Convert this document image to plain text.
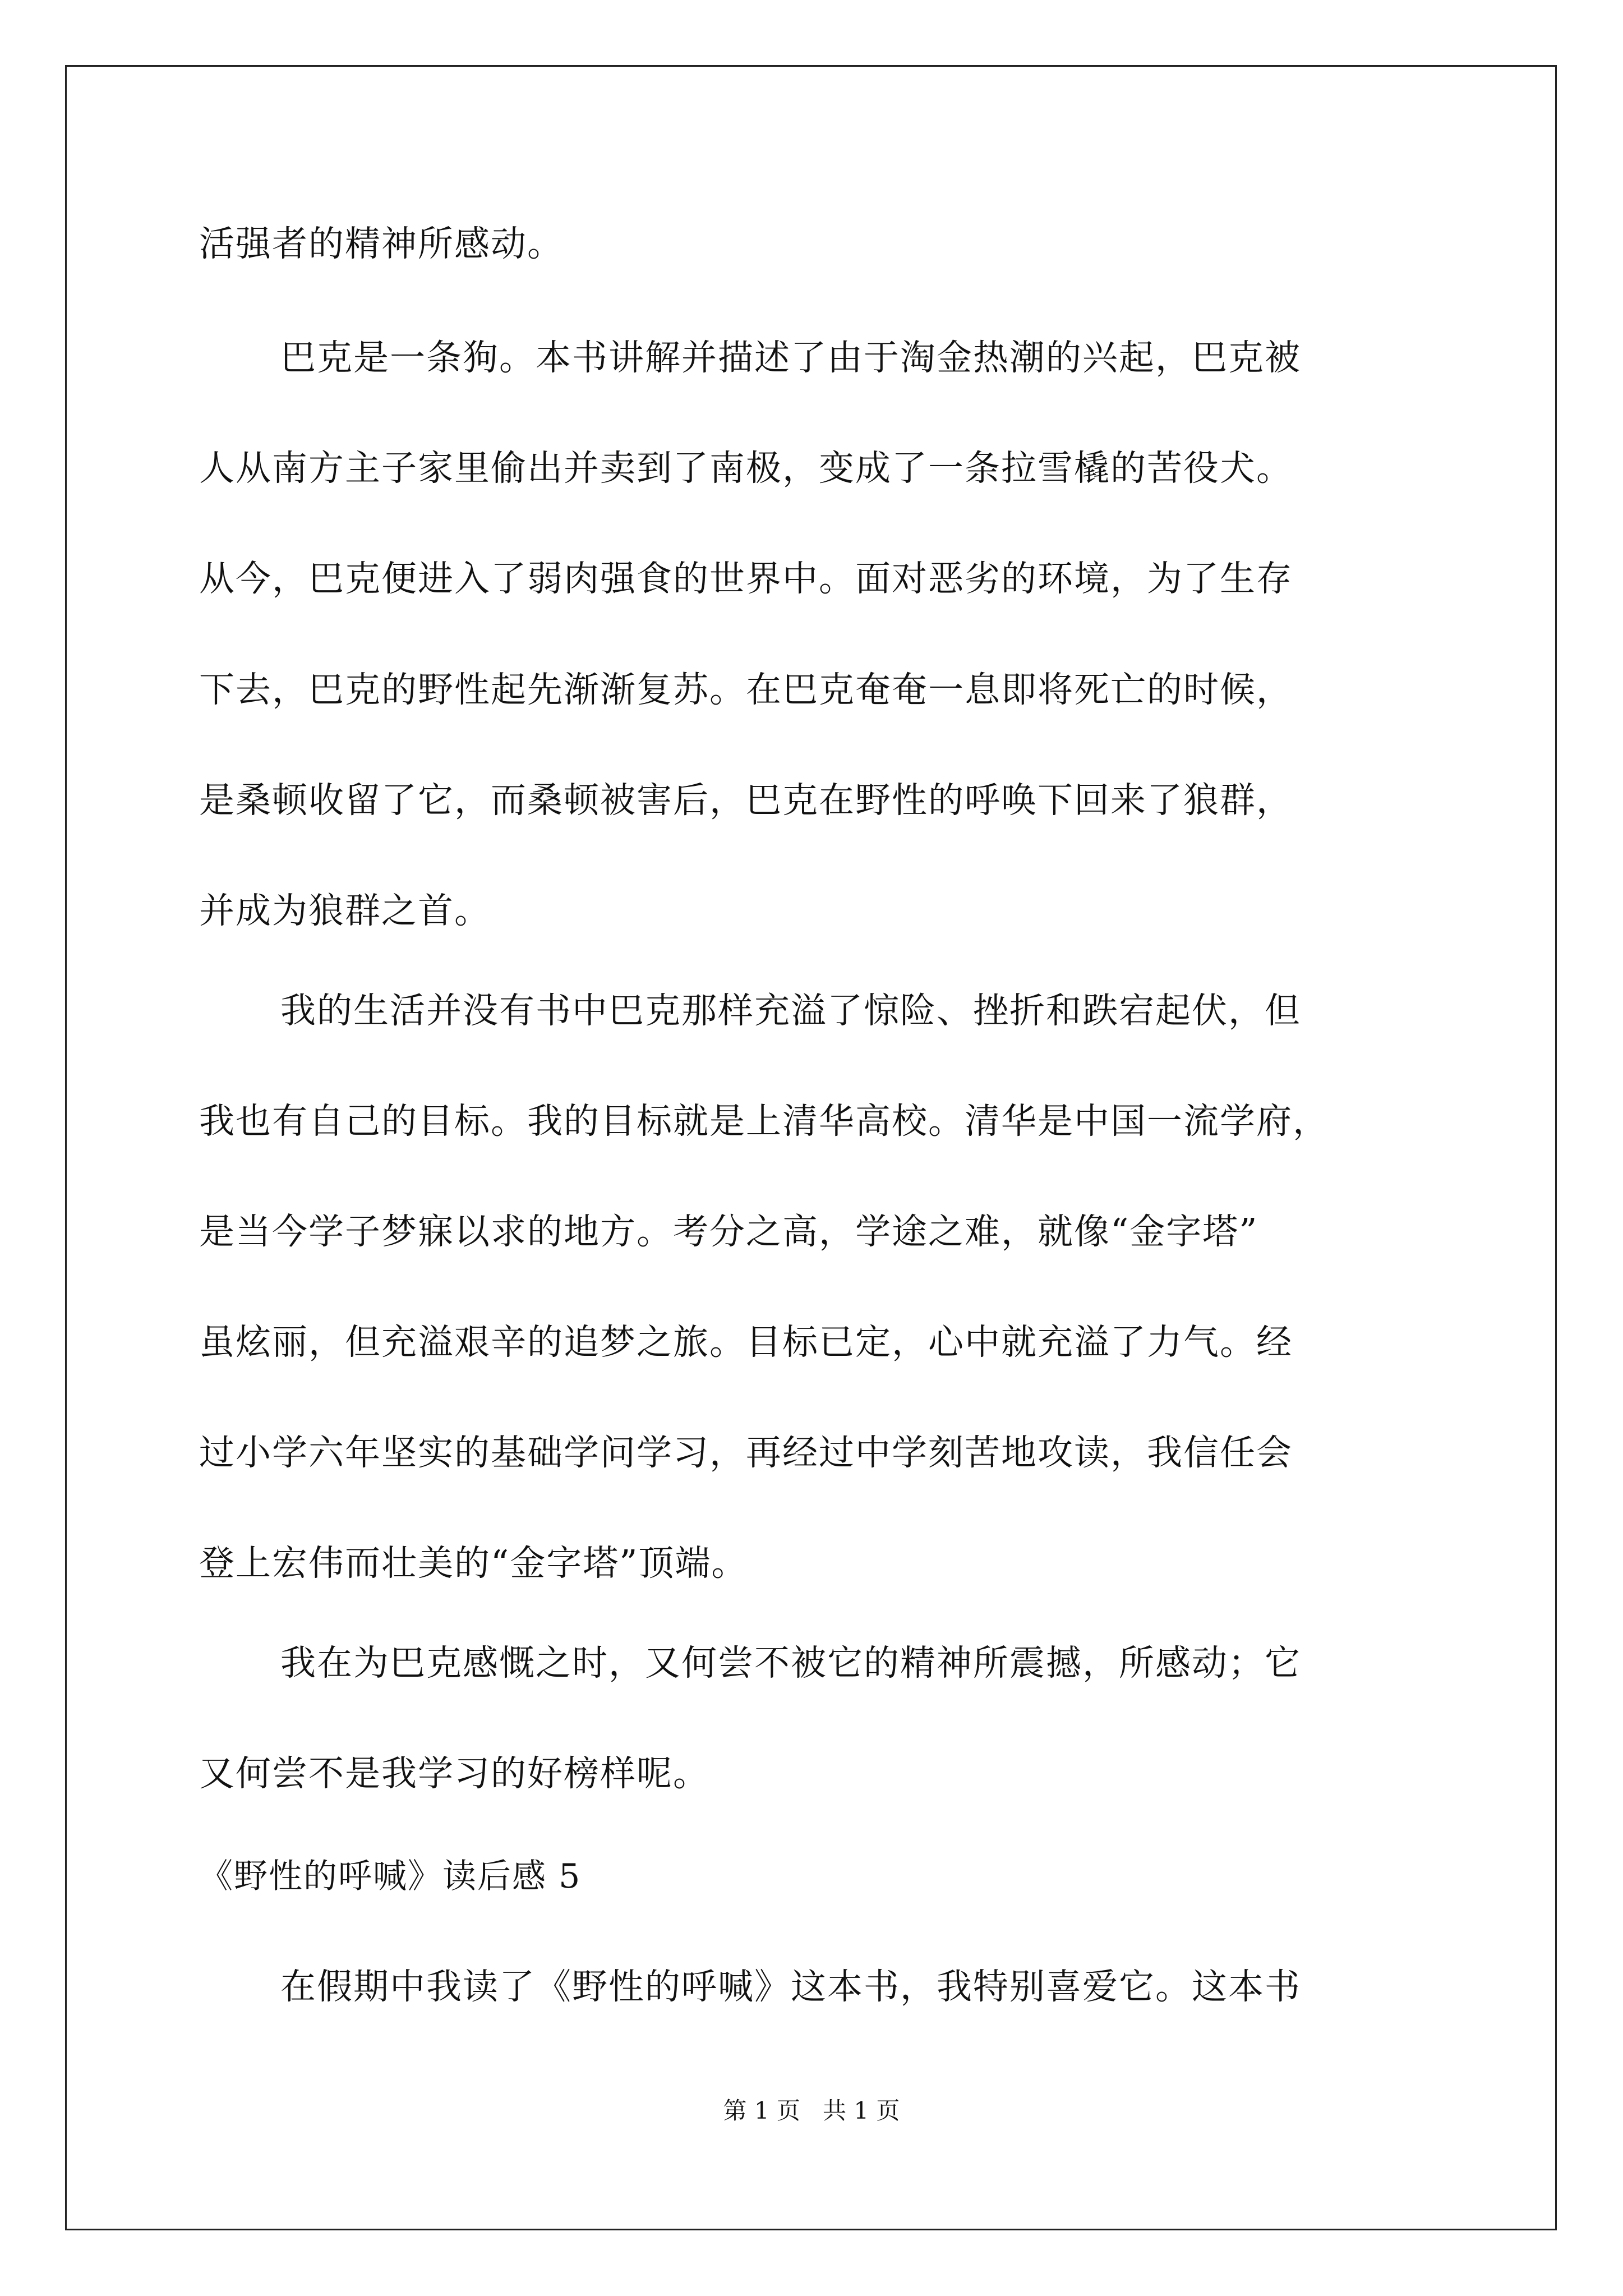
活强者的精神所感动。
巴克是一条狗。本书讲解并描述了由于淘金热潮的兴起，巴克被
人从南方主子家里偷出并卖到了南极，变成了一条拉雪橇的苦役犬。
从今，巴克便进入了弱肉强食的世界中。面对恶劣的环境，为了生存
下去，巴克的野性起先渐渐复苏。在巴克奄奄一息即将死亡的时候，
是桑顿收留了它，而桑顿被害后，巴克在野性的呼唤下回来了狼群，
并成为狼群之首。
我的生活并没有书中巴克那样充溢了惊险、挫折和跌宕起伏，但
我也有自己的目标。我的目标就是上清华高校。清华是中国一流学府，
是当今学子梦寐以求的地方。考分之高，学途之难，就像“金字塔”
虽炫丽，但充溢艰辛的追梦之旅。目标已定，心中就充溢了力气。经
过小学六年坚实的基础学问学习，再经过中学刻苦地攻读，我信任会
登上宏伟而壮美的“金字塔”顶端。
我在为巴克感慨之时，又何尝不被它的精神所震撼，所感动；它
又何尝不是我学习的好榜样呢。
《野性的呼喊》读后感 5
在假期中我读了《野性的呼喊》这本书，我特别喜爱它。这本书
第 1 页   共 1 页
